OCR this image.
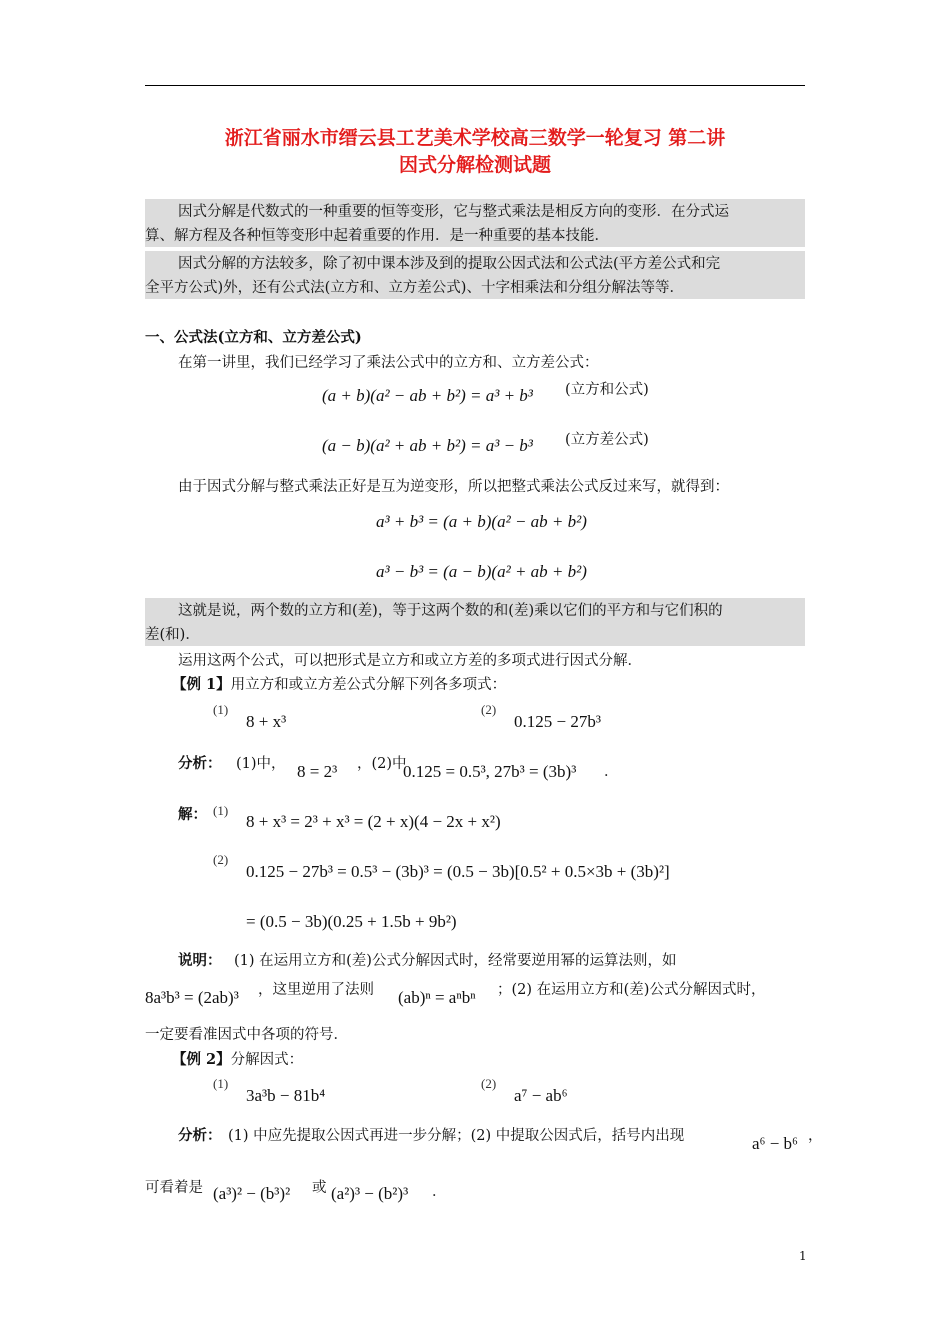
浙江省丽水市缙云县工艺美术学校高三数学一轮复习 第二讲
因式分解检测试题
因式分解是代数式的一种重要的恒等变形，它与整式乘法是相反方向的变形．在分式运
算、解方程及各种恒等变形中起着重要的作用．是一种重要的基本技能．
因式分解的方法较多，除了初中课本涉及到的提取公因式法和公式法(平方差公式和完
全平方公式)外，还有公式法(立方和、立方差公式)、十字相乘法和分组分解法等等．
一、公式法(立方和、立方差公式)
在第一讲里，我们已经学习了乘法公式中的立方和、立方差公式：
(a + b)(a² − ab + b²) = a³ + b³ (立方和公式)
(a − b)(a² + ab + b²) = a³ − b³ (立方差公式)
由于因式分解与整式乘法正好是互为逆变形，所以把整式乘法公式反过来写，就得到：
a³ + b³ = (a + b)(a² − ab + b²)
a³ − b³ = (a − b)(a² + ab + b²)
这就是说，两个数的立方和(差)，等于这两个数的和(差)乘以它们的平方和与它们积的
差(和)．
运用这两个公式，可以把形式是立方和或立方差的多项式进行因式分解．
【例 1】用立方和或立方差公式分解下列各多项式：
(1)
8 + x³
(2)
0.125 − 27b³
分析： (1)中， 8 = 2³ ，(2)中
0.125 = 0.5³, 27b³ = (3b)³ ．
解： (1)
8 + x³ = 2³ + x³ = (2 + x)(4 − 2x + x²)
(2)
0.125 − 27b³ = 0.5³ − (3b)³ = (0.5 − 3b)[0.5² + 0.5×3b + (3b)²]
= (0.5 − 3b)(0.25 + 1.5b + 9b²)
说明： (1) 在运用立方和(差)公式分解因式时，经常要逆用幂的运算法则，如
8a³b³ = (2ab)³ ，这里逆用了法则 (ab)ⁿ = aⁿbⁿ ；(2) 在运用立方和(差)公式分解因式时，
一定要看准因式中各项的符号．
【例 2】分解因式：
(1)
3a³b − 81b⁴
(2)
a⁷ − ab⁶
分析： (1) 中应先提取公因式再进一步分解；(2) 中提取公因式后，括号内出现	a⁶ − b⁶ ，
可看着是 (a³)² − (b³)² 或 (a²)³ − (b²)³ ．
1
